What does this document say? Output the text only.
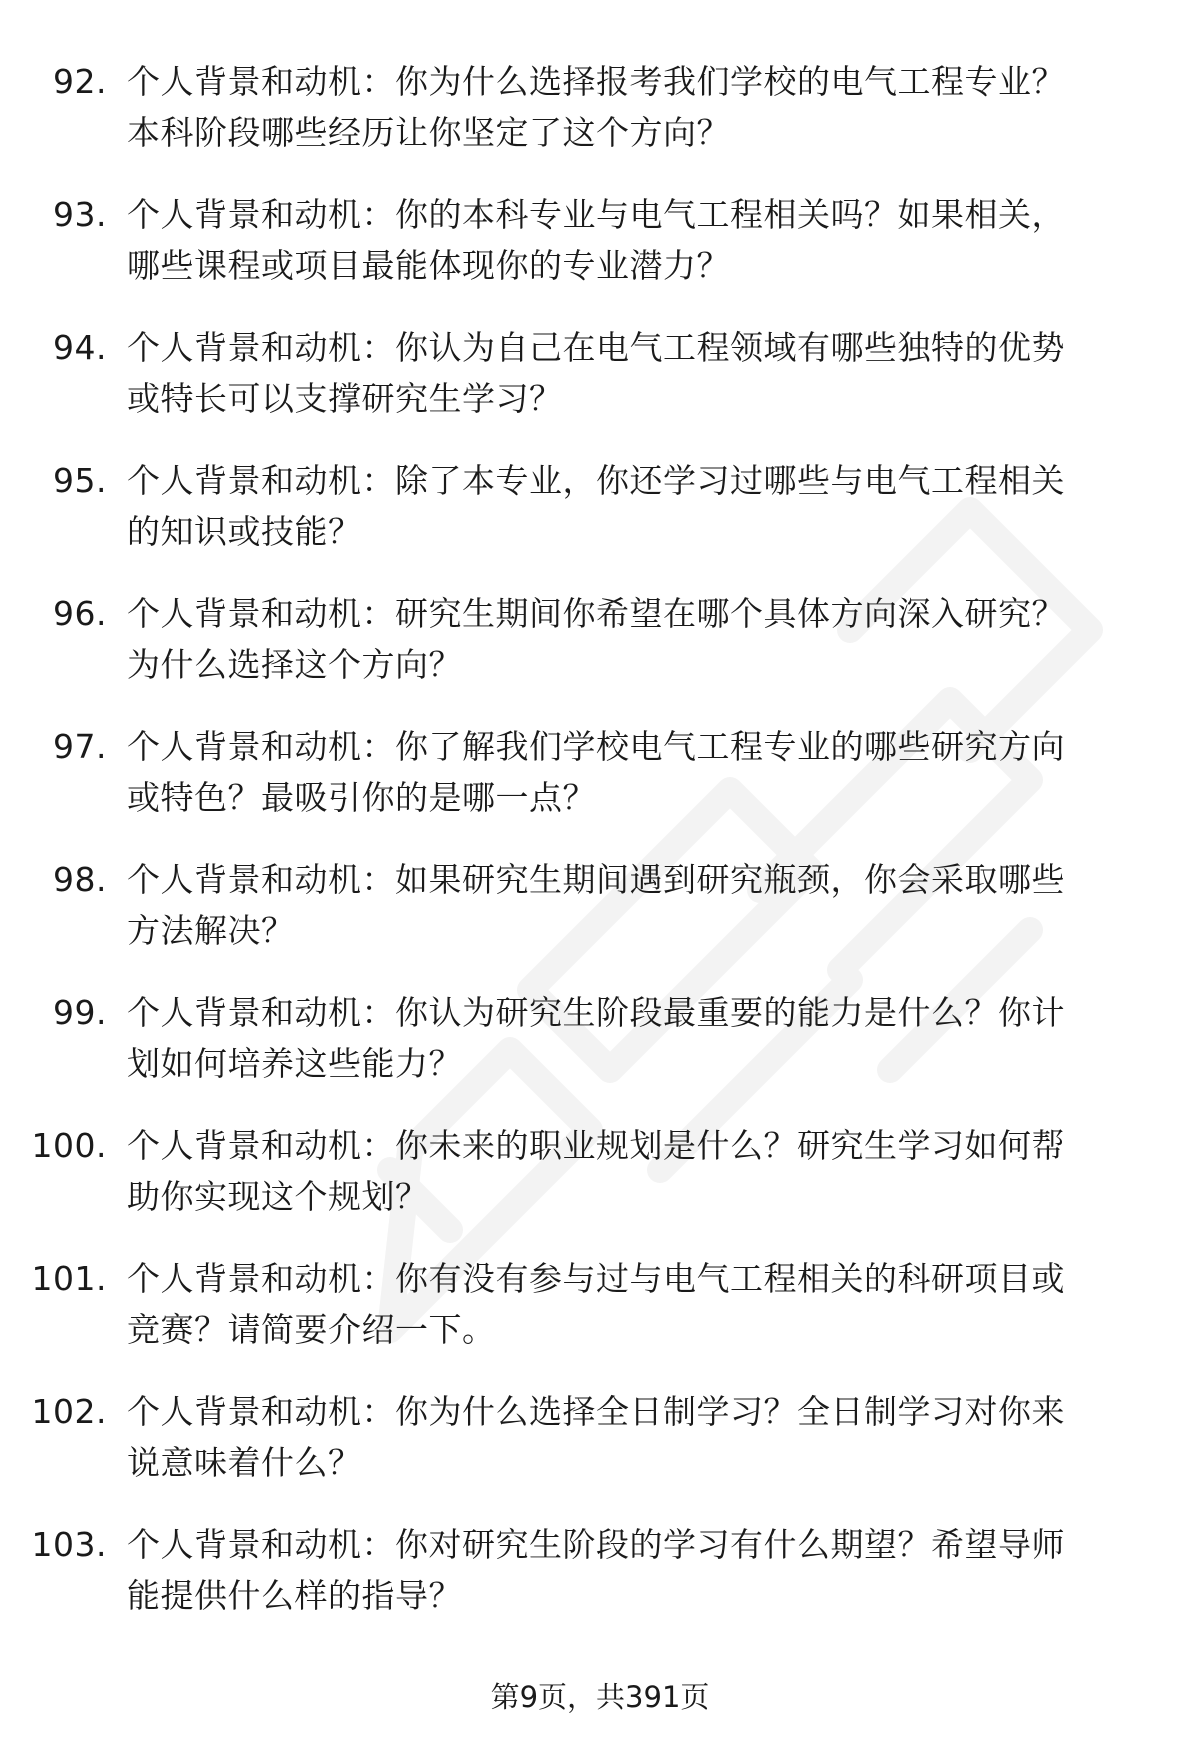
92. 个人背景和动机：你为什么选择报考我们学校的电气工程专业？
本科阶段哪些经历让你坚定了这个方向？
93. 个人背景和动机：你的本科专业与电气工程相关吗？如果相关，
哪些课程或项目最能体现你的专业潜力？
94. 个人背景和动机：你认为自己在电气工程领域有哪些独特的优势
或特长可以支撑研究生学习？
95. 个人背景和动机：除了本专业，你还学习过哪些与电气工程相关
的知识或技能？
96. 个人背景和动机：研究生期间你希望在哪个具体方向深入研究？
为什么选择这个方向？
97. 个人背景和动机：你了解我们学校电气工程专业的哪些研究方向
或特色？最吸引你的是哪一点？
98. 个人背景和动机：如果研究生期间遇到研究瓶颈，你会采取哪些
方法解决？
99. 个人背景和动机：你认为研究生阶段最重要的能力是什么？你计
划如何培养这些能力？
100. 个人背景和动机：你未来的职业规划是什么？研究生学习如何帮
助你实现这个规划？
101. 个人背景和动机：你有没有参与过与电气工程相关的科研项目或
竞赛？请简要介绍一下。
102. 个人背景和动机：你为什么选择全日制学习？全日制学习对你来
说意味着什么？
103. 个人背景和动机：你对研究生阶段的学习有什么期望？希望导师
能提供什么样的指导？
第9页，共391页
